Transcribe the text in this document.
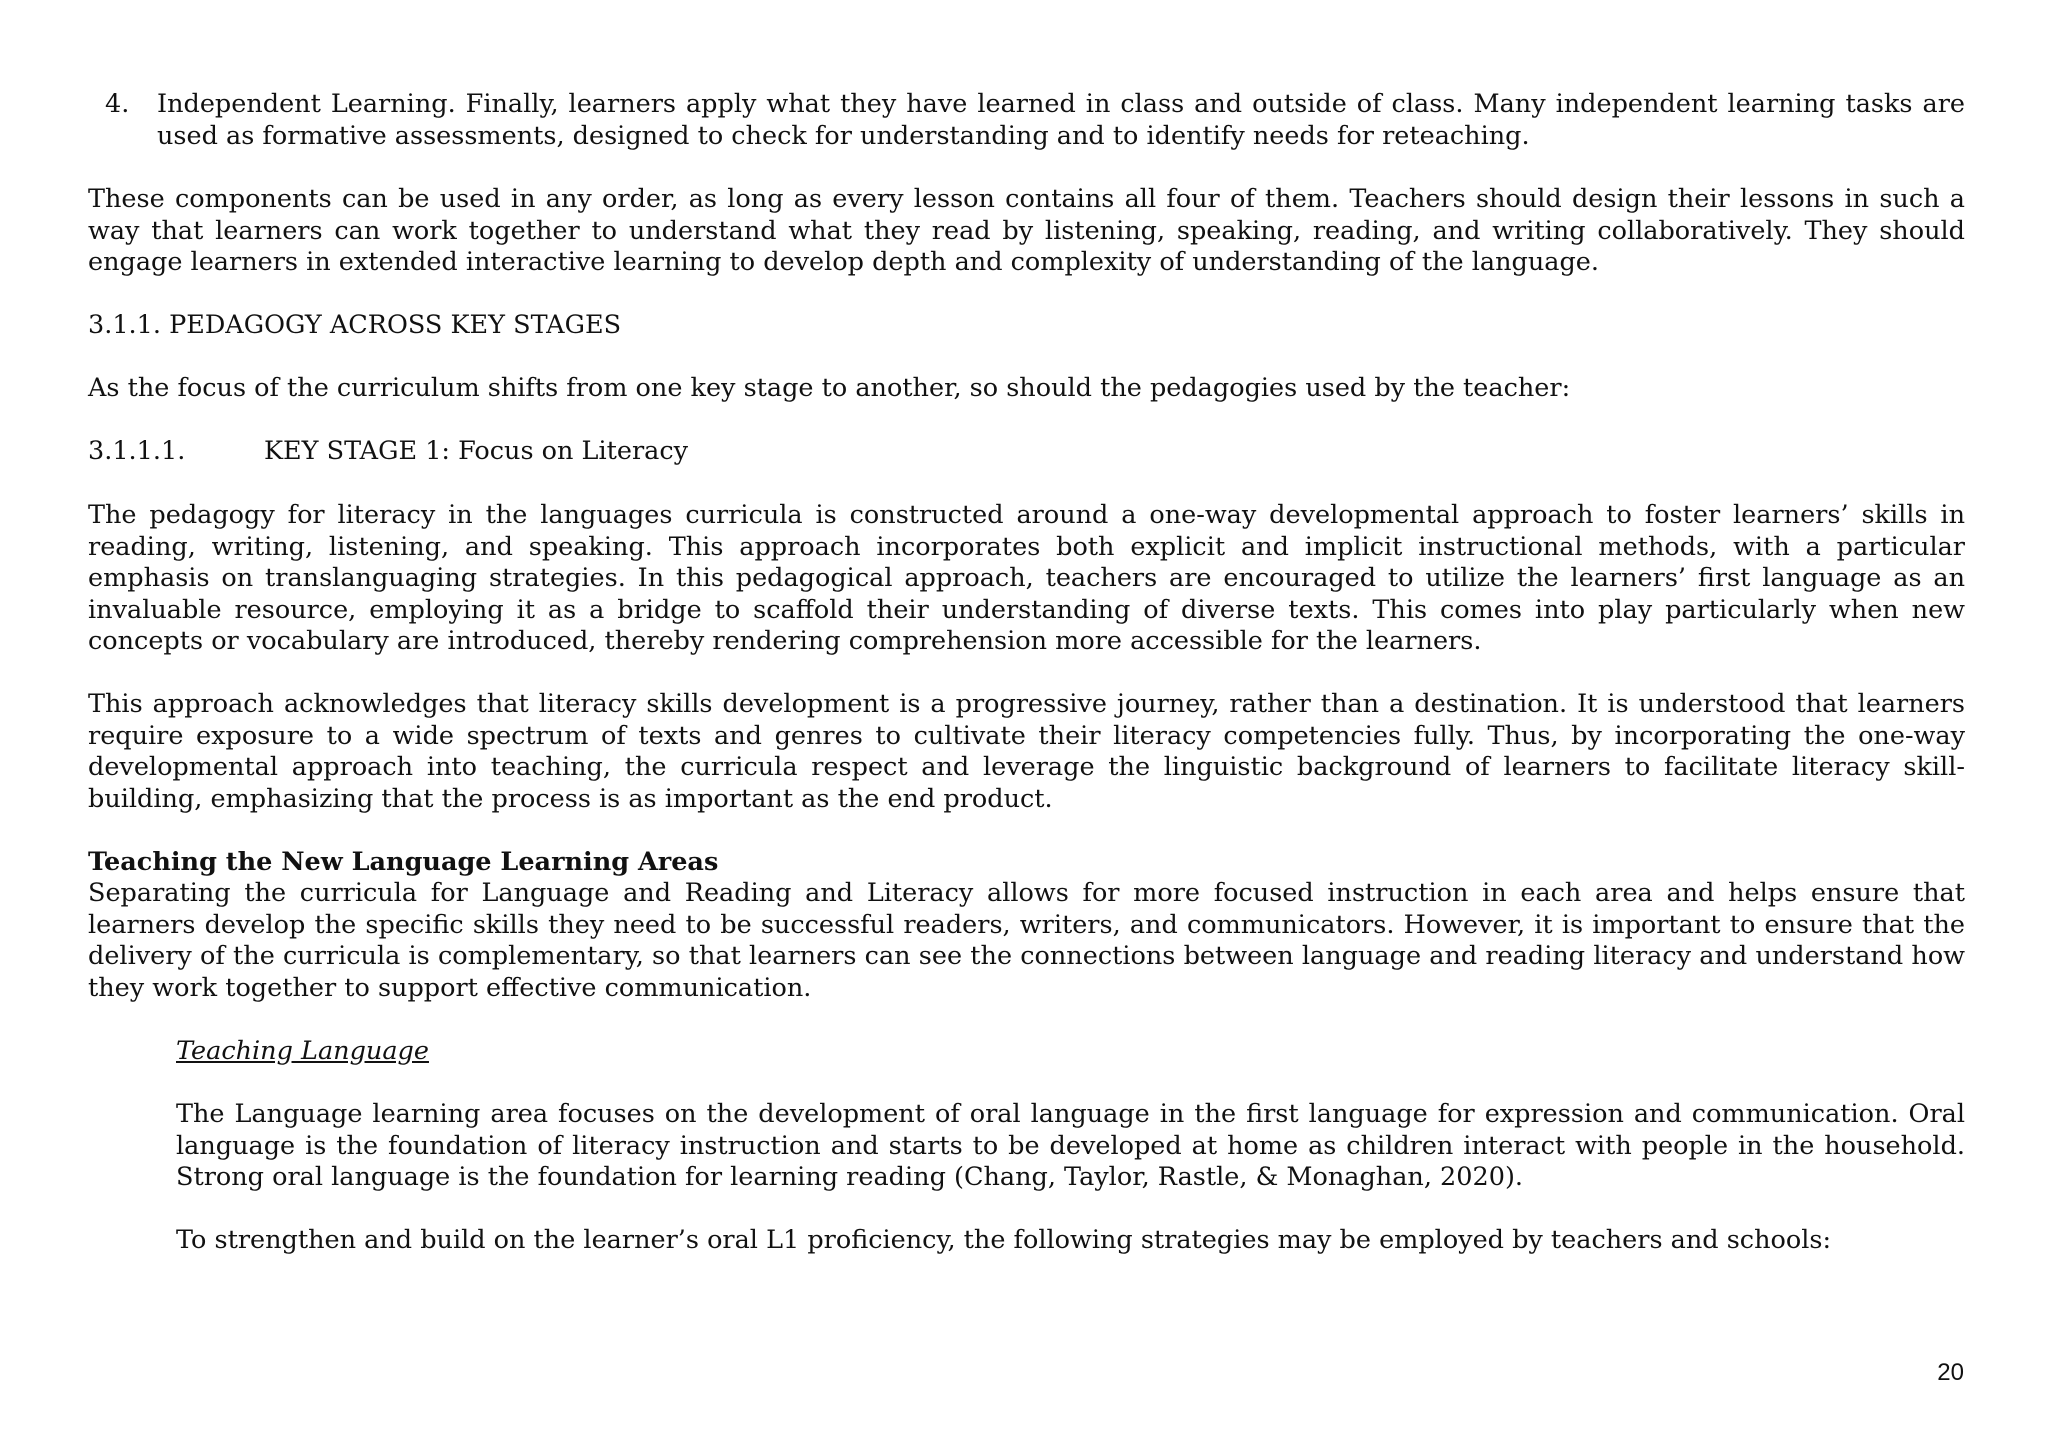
4. Independent Learning. Finally, learners apply what they have learned in class and outside of class. Many independent learning tasks are used as formative assessments, designed to check for understanding and to identify needs for reteaching.

These components can be used in any order, as long as every lesson contains all four of them. Teachers should design their lessons in such a way that learners can work together to understand what they read by listening, speaking, reading, and writing collaboratively. They should engage learners in extended interactive learning to develop depth and complexity of understanding of the language.

3.1.1. PEDAGOGY ACROSS KEY STAGES

As the focus of the curriculum shifts from one key stage to another, so should the pedagogies used by the teacher:

3.1.1.1.	KEY STAGE 1: Focus on Literacy

The pedagogy for literacy in the languages curricula is constructed around a one-way developmental approach to foster learners’ skills in reading, writing, listening, and speaking. This approach incorporates both explicit and implicit instructional methods, with a particular emphasis on translanguaging strategies. In this pedagogical approach, teachers are encouraged to utilize the learners’ first language as an invaluable resource, employing it as a bridge to scaffold their understanding of diverse texts. This comes into play particularly when new concepts or vocabulary are introduced, thereby rendering comprehension more accessible for the learners.

This approach acknowledges that literacy skills development is a progressive journey, rather than a destination. It is understood that learners require exposure to a wide spectrum of texts and genres to cultivate their literacy competencies fully. Thus, by incorporating the one-way developmental approach into teaching, the curricula respect and leverage the linguistic background of learners to facilitate literacy skill-building, emphasizing that the process is as important as the end product.

Teaching the New Language Learning Areas

Separating the curricula for Language and Reading and Literacy allows for more focused instruction in each area and helps ensure that learners develop the specific skills they need to be successful readers, writers, and communicators. However, it is important to ensure that the delivery of the curricula is complementary, so that learners can see the connections between language and reading literacy and understand how they work together to support effective communication.

Teaching Language

The Language learning area focuses on the development of oral language in the first language for expression and communication. Oral language is the foundation of literacy instruction and starts to be developed at home as children interact with people in the household. Strong oral language is the foundation for learning reading (Chang, Taylor, Rastle, & Monaghan, 2020).

To strengthen and build on the learner’s oral L1 proficiency, the following strategies may be employed by teachers and schools:

20
